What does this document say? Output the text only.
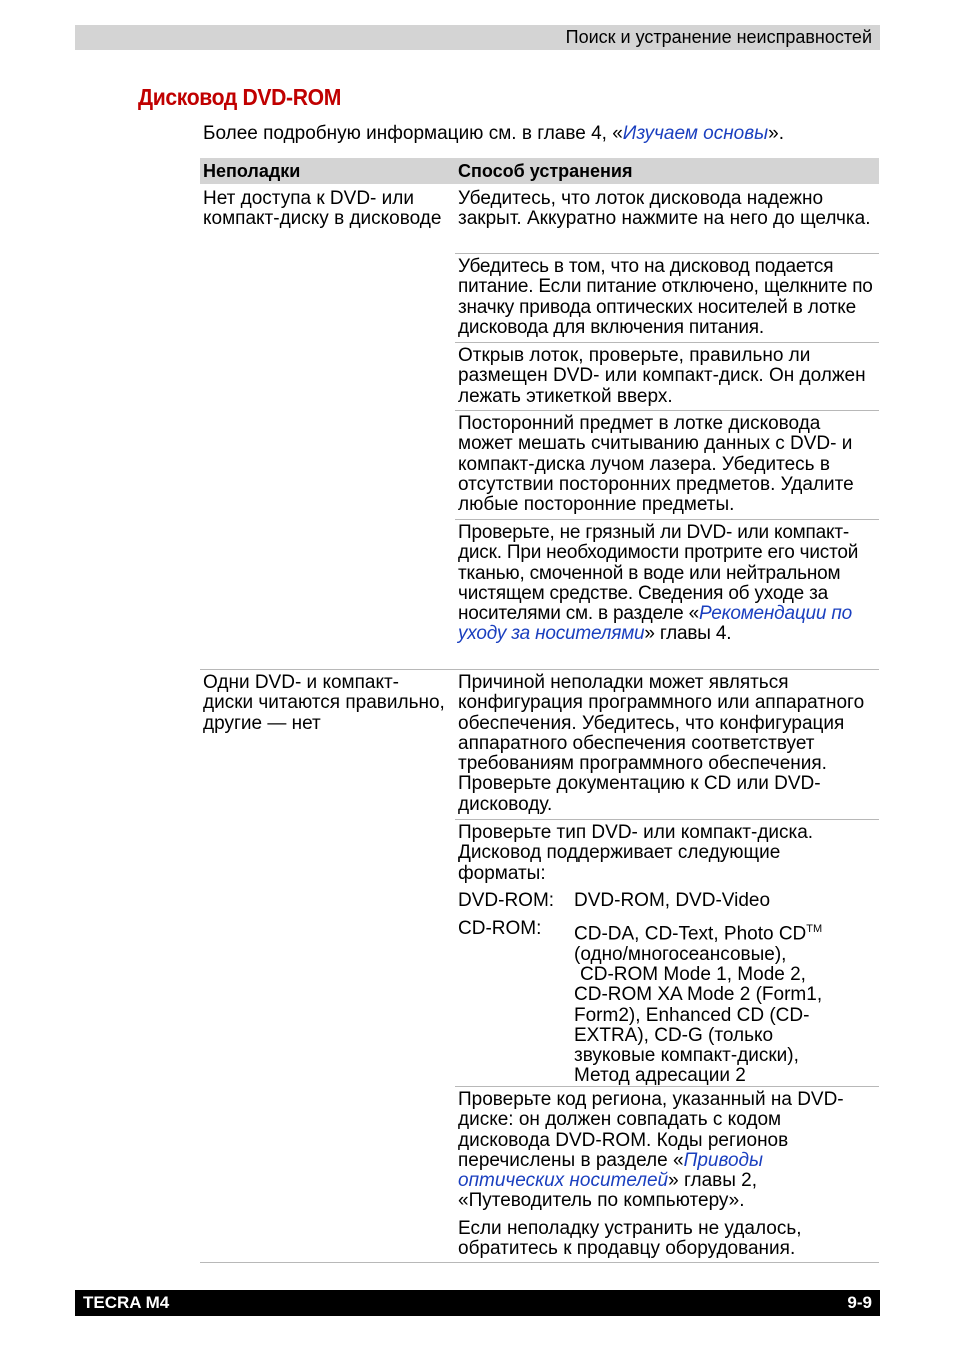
Поиск и устранение неисправностей
Дисковод DVD-ROM

Более подробную информацию см. в главе 4, «Изучаем основы».

Неполадки	Способ устранения

Нет доступа к DVD- или компакт-диску в дисководе

Убедитесь, что лоток дисковода надежно закрыт. Аккуратно нажмите на него до щелчка.

Убедитесь в том, что на дисковод подается питание. Если питание отключено, щелкните по значку привода оптических носителей в лотке дисковода для включения питания.

Открыв лоток, проверьте, правильно ли размещен DVD- или компакт-диск. Он должен лежать этикеткой вверх.

Посторонний предмет в лотке дисковода может мешать считыванию данных с DVD- и компакт-диска лучом лазера. Убедитесь в отсутствии посторонних предметов. Удалите любые посторонние предметы.

Проверьте, не грязный ли DVD- или компакт-диск. При необходимости протрите его чистой тканью, смоченной в воде или нейтральном чистящем средстве. Сведения об уходе за носителями см. в разделе «Рекомендации по уходу за носителями» главы 4.

Одни DVD- и компакт-диски читаются правильно, другие — нет

Причиной неполадки может являться конфигурация программного или аппаратного обеспечения. Убедитесь, что конфигурация аппаратного обеспечения соответствует требованиям программного обеспечения. Проверьте документацию к CD или DVD-дисководу.

Проверьте тип DVD- или компакт-диска. Дисковод поддерживает следующие форматы:

DVD-ROM: DVD-ROM, DVD-Video
CD-ROM: CD-DA, CD-Text, Photo CD™
(одно/многосеансовые),

CD-ROM Mode 1, Mode 2, CD-ROM XA Mode 2 (Form1, Form2), Enhanced CD (CD-EXTRA), CD-G (только звуковые компакт-диски), Метод адресации 2

Проверьте код региона, указанный на DVD-диске: он должен совпадать с кодом дисковода DVD-ROM. Коды регионов перечислены в разделе «Приводы оптических носителей» главы 2, «Путеводитель по компьютеру».

Если неполадку устранить не удалось, обратитесь к продавцу оборудования.

TECRA M4	9-9
